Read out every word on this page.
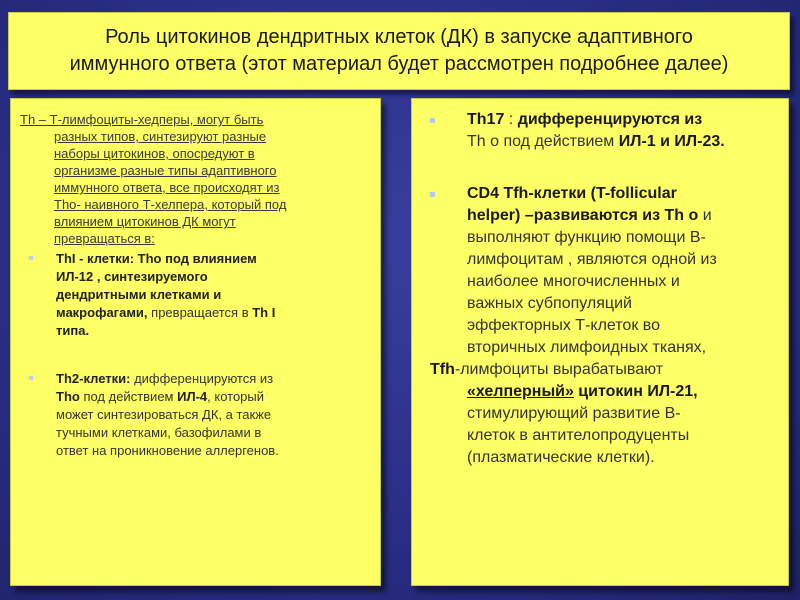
Роль цитокинов дендритных клеток (ДК) в запуске адаптивного
иммунного ответа (этот материал будет рассмотрен подробнее далее)
Th – Т-лимфоциты-хедперы, могут быть
разных типов, синтезируют разные
наборы цитокинов, опосредуют в
организме разные типы адаптивного
иммунного ответа, все происходят из
Tho- наивного Т-хелпера, который под
влиянием цитокинов ДК могут
превращаться в:
ThI - клетки: Tho под влиянием
ИЛ-12 , синтезируемого
дендритными клетками и
макрофагами, превращается в Th I
типа.
Th2-клетки: дифференцируются из
Tho под действием ИЛ-4, который
может синтезироваться ДК, а также
тучными клетками, базофилами в
ответ на проникновение аллергенов.
Th17 : дифференцируются из
Th o под действием ИЛ-1 и ИЛ-23.
CD4 Tfh-клетки (T-follicular
helper) –развиваются из Th o и
выполняют функцию помощи В-
лимфоцитам , являются одной из
наиболее многочисленных и
важных субпопуляций
эффекторных Т-клеток во
вторичных лимфоидных тканях,
Tfh-лимфоциты вырабатывают
«хелперный» цитокин ИЛ-21,
стимулирующий развитие В-
клеток в антителопродуценты
(плазматические клетки).
